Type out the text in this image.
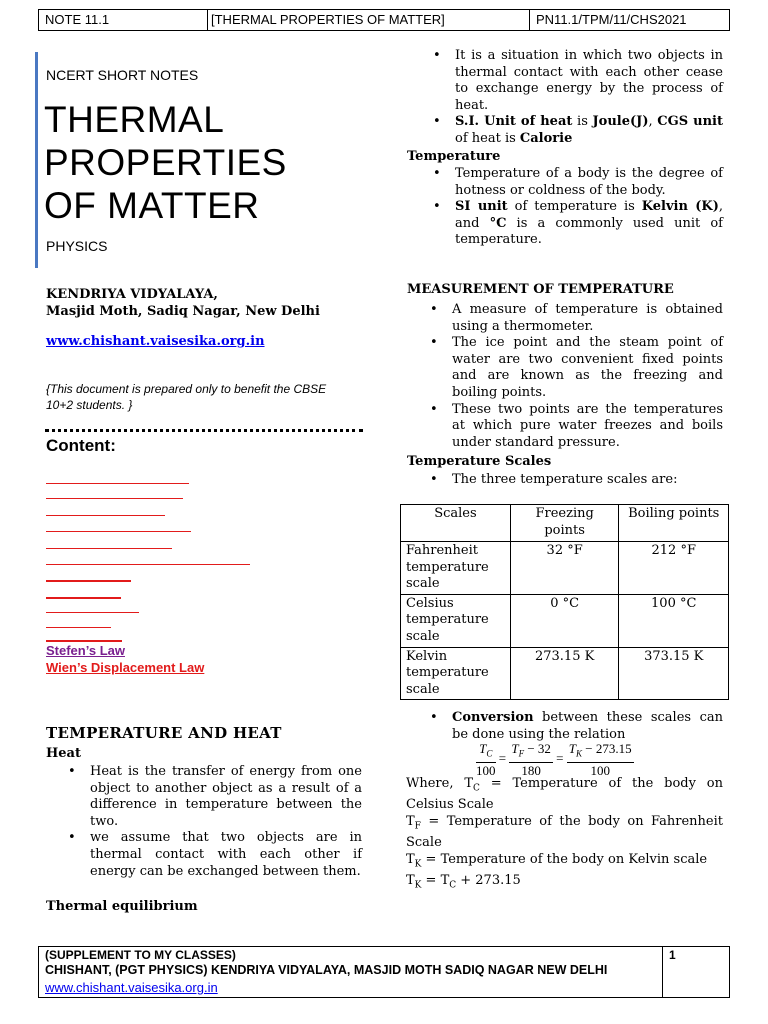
NOTE 11.1	[THERMAL PROPERTIES OF MATTER]	PN11.1/TPM/11/CHS2021
NCERT SHORT NOTES
THERMAL
PROPERTIES
OF MATTER
PHYSICS
KENDRIYA VIDYALAYA,
Masjid Moth, Sadiq Nagar, New Delhi
www.chishant.vaisesika.org.in
{This document is prepared only to benefit the CBSE
10+2 students. }
Content:
Stefen’s Law
Wien’s Displacement Law
TEMPERATURE AND HEAT
Heat
• Heat is the transfer of energy from one object to another object as a result of a difference in temperature between the two.
• we assume that two objects are in thermal contact with each other if energy can be exchanged between them.
Thermal equilibrium
• It is a situation in which two objects in thermal contact with each other cease to exchange energy by the process of heat.
• S.I. Unit of heat is Joule(J), CGS unit of heat is Calorie
Temperature
• Temperature of a body is the degree of hotness or coldness of the body.
• SI unit of temperature is Kelvin (K), and °C is a commonly used unit of temperature.
MEASUREMENT OF TEMPERATURE
• A measure of temperature is obtained using a thermometer.
• The ice point and the steam point of water are two convenient fixed points and are known as the freezing and boiling points.
• These two points are the temperatures at which pure water freezes and boils under standard pressure.
Temperature Scales
• The three temperature scales are:
Scales	Freezing points	Boiling points
Fahrenheit temperature scale	32 °F	212 °F
Celsius temperature scale	0 °C	100 °C
Kelvin temperature scale	273.15 K	373.15 K
• Conversion between these scales can be done using the relation
$\frac{T_C}{100} = \frac{T_F - 32}{180} = \frac{T_K - 273.15}{100}$
Where, $T_C$ = Temperature of the body on Celsius Scale
$T_F$ = Temperature of the body on Fahrenheit Scale
$T_K$ = Temperature of the body on Kelvin scale
$T_K = T_C + 273.15$
(SUPPLEMENT TO MY CLASSES)
CHISHANT, (PGT PHYSICS) KENDRIYA VIDYALAYA, MASJID MOTH SADIQ NAGAR NEW DELHI
www.chishant.vaisesika.org.in
1
